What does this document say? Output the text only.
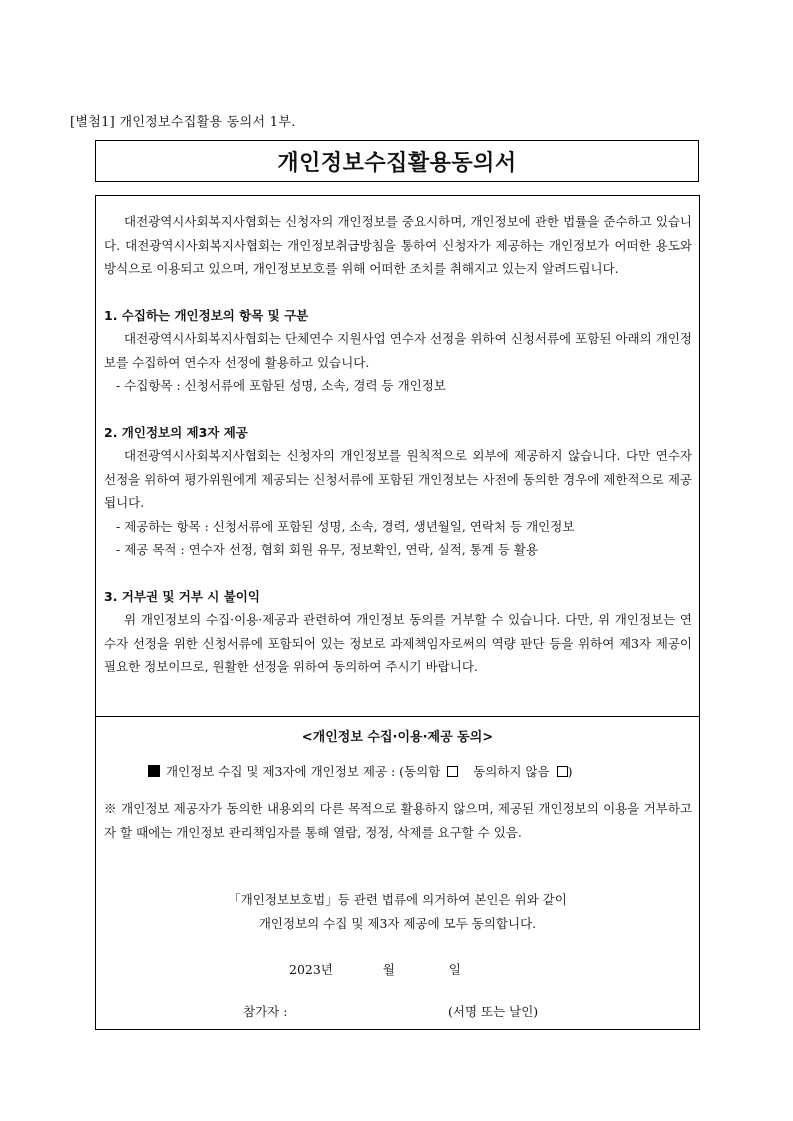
[별첨1] 개인정보수집활용 동의서 1부.
개인정보수집활용동의서

대전광역시사회복지사협회는 신청자의 개인정보를 중요시하며, 개인정보에 관한 법률을 준수하고 있습니다. 대전광역시사회복지사협회는 개인정보취급방침을 통하여 신청자가 제공하는 개인정보가 어떠한 용도와 방식으로 이용되고 있으며, 개인정보보호를 위해 어떠한 조치를 취해지고 있는지 알려드립니다.

1. 수집하는 개인정보의 항목 및 구분

대전광역시사회복지사협회는 단체연수 지원사업 연수자 선정을 위하여 신청서류에 포함된 아래의 개인정보를 수집하여 연수자 선정에 활용하고 있습니다.

- 수집항목 : 신청서류에 포함된 성명, 소속, 경력 등 개인정보

2. 개인정보의 제3자 제공

대전광역시사회복지사협회는 신청자의 개인정보를 원칙적으로 외부에 제공하지 않습니다. 다만 연수자 선정을 위하여 평가위원에게 제공되는 신청서류에 포함된 개인정보는 사전에 동의한 경우에 제한적으로 제공됩니다.

- 제공하는 항목 : 신청서류에 포함된 성명, 소속, 경력, 생년월일, 연락처 등 개인정보

- 제공 목적 : 연수자 선정, 협회 회원 유무, 정보확인, 연락, 실적, 통계 등 활용

3. 거부권 및 거부 시 불이익

위 개인정보의 수집·이용·제공과 관련하여 개인정보 동의를 거부할 수 있습니다. 다만, 위 개인정보는 연수자 선정을 위한 신청서류에 포함되어 있는 정보로 과제책임자로써의 역량 판단 등을 위하여 제3자 제공이 필요한 정보이므로, 원활한 선정을 위하여 동의하여 주시기 바랍니다.

<개인정보 수집·이용·제공 동의>
개인정보 수집 및 제3자에 개인정보 제공 : (동의함	동의하지 않음 )
※ 개인정보 제공자가 동의한 내용외의 다른 목적으로 활용하지 않으며, 제공된 개인정보의 이용을 거부하고자 할 때에는 개인정보 관리책임자를 통해 열람, 정정, 삭제를 요구할 수 있음.
「개인정보보호법」등 관련 법류에 의거하여 본인은 위와 같이
개인정보의 수집 및 제3자 제공에 모두 동의합니다.
2023년	월	일
참가자 :	(서명 또는 날인)
